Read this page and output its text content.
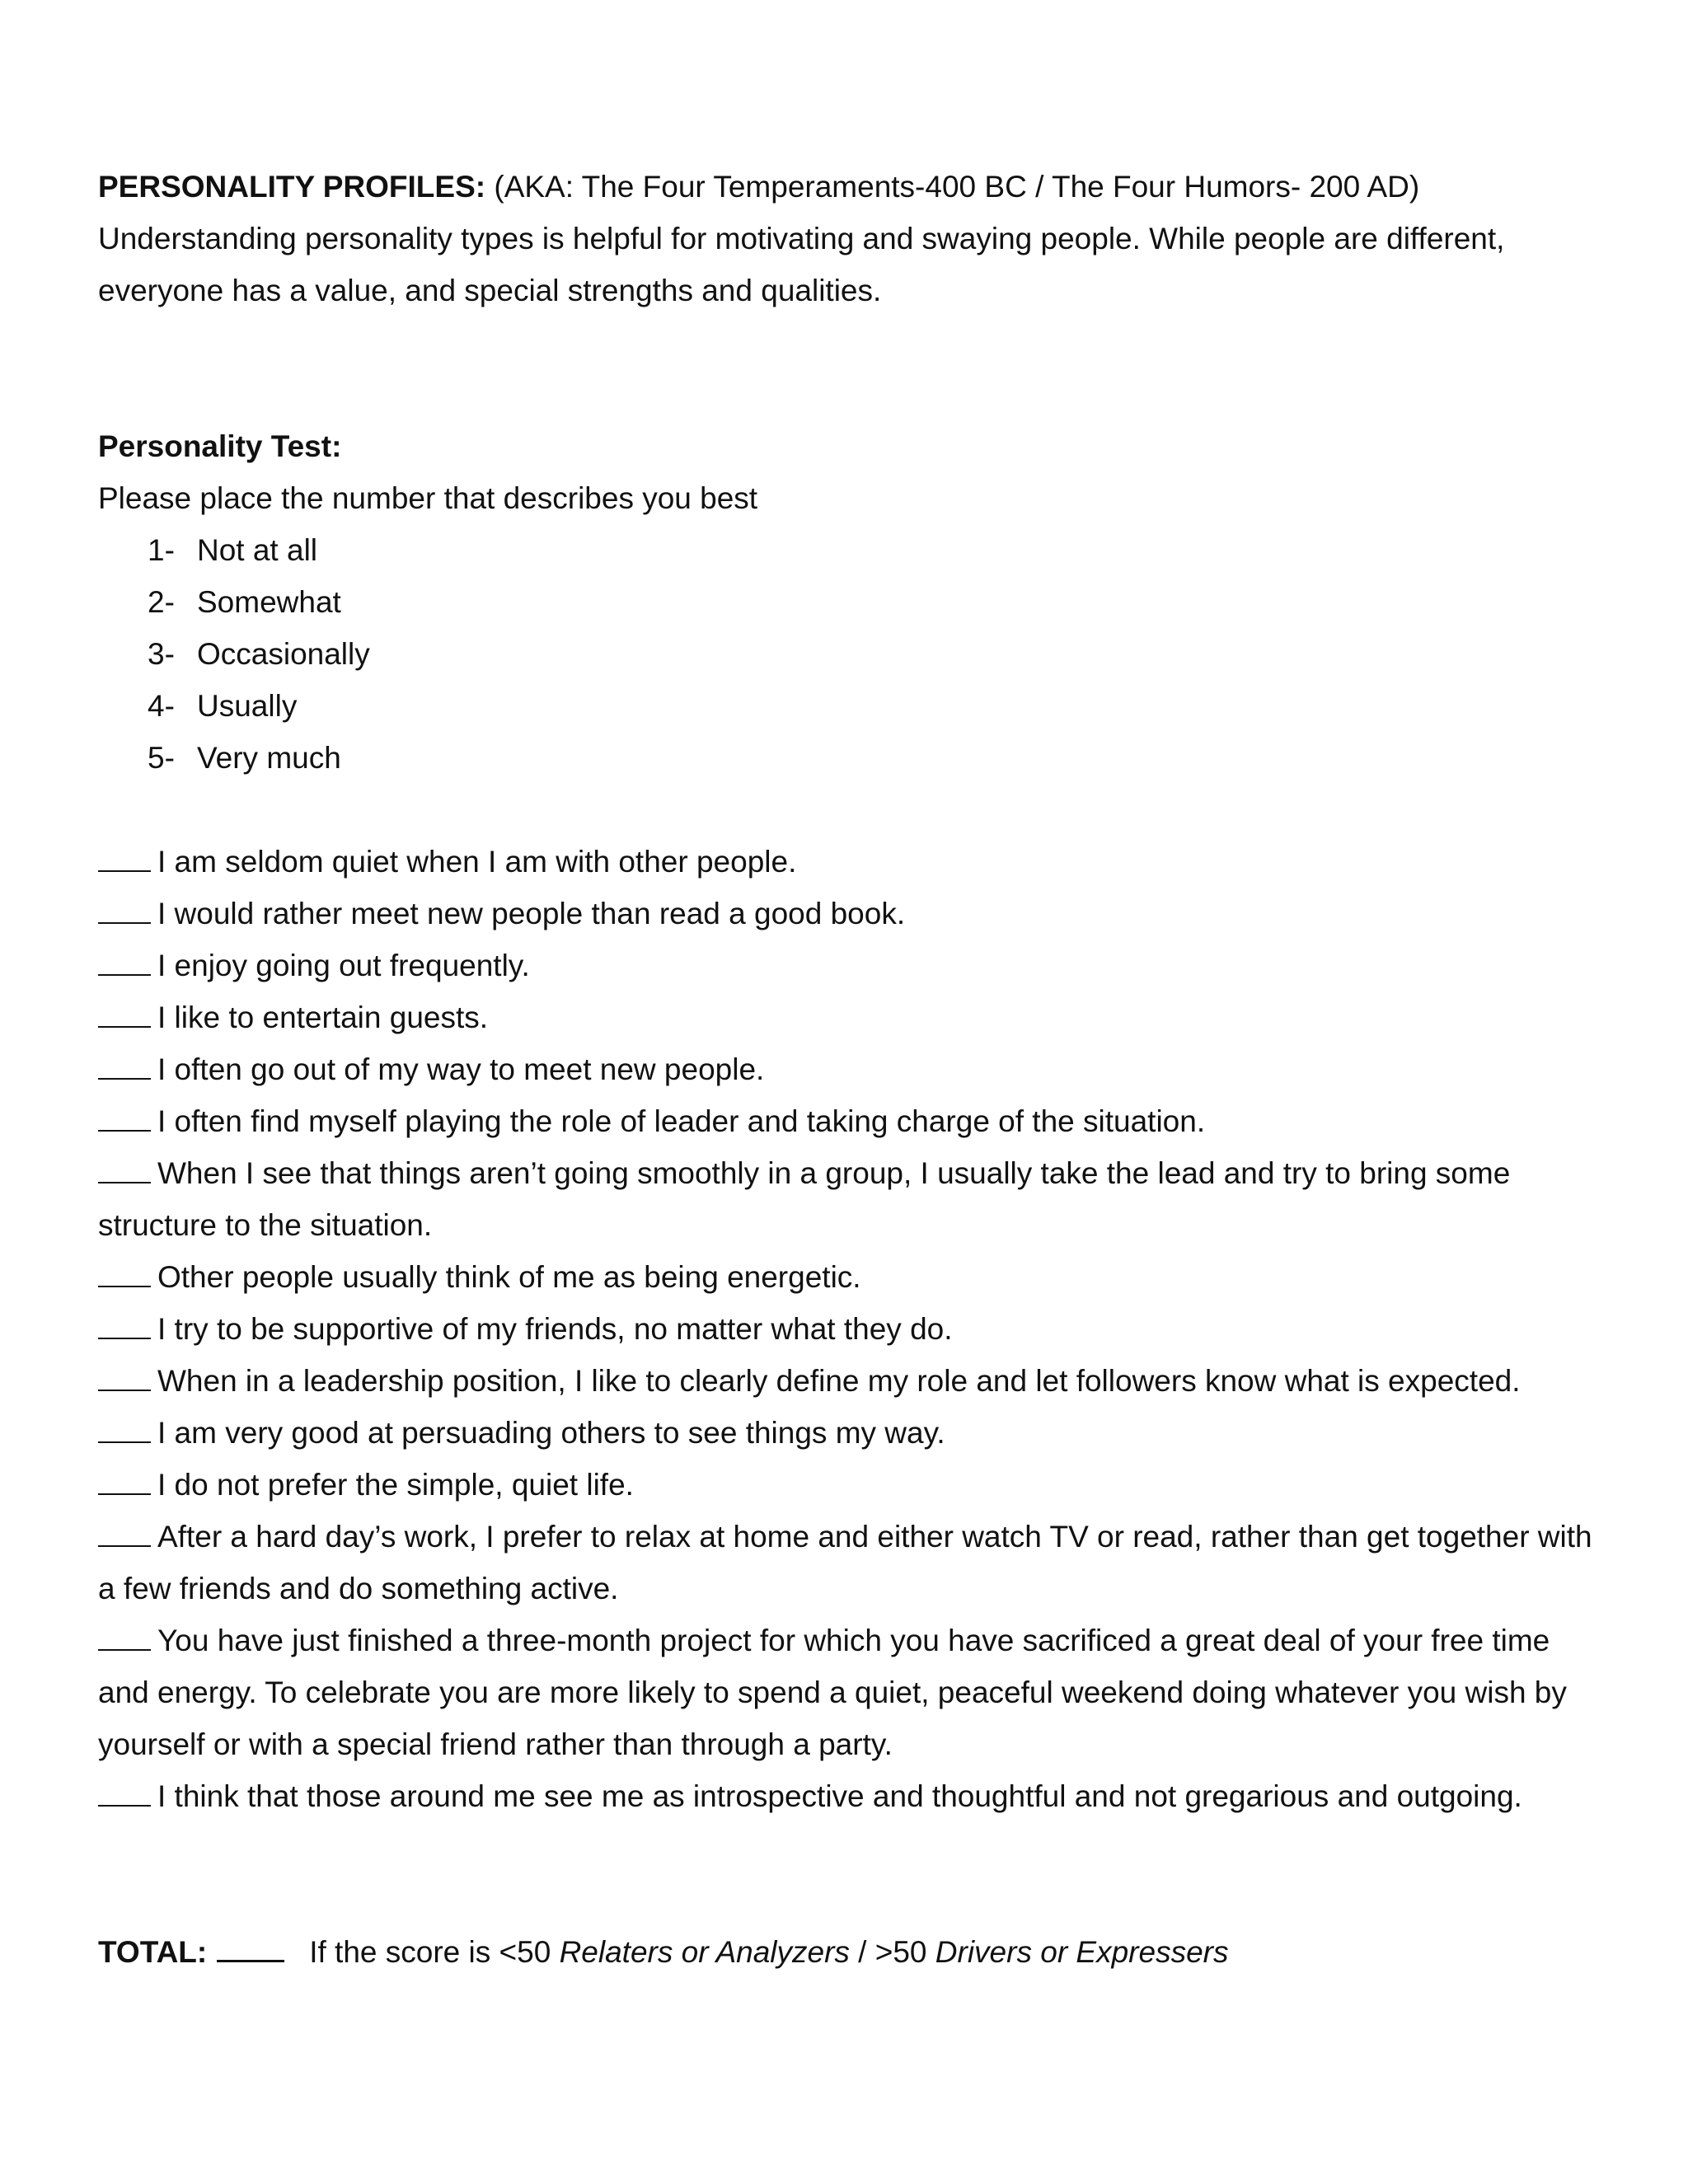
PERSONALITY PROFILES: (AKA: The Four Temperaments-400 BC / The Four Humors- 200 AD)

Understanding personality types is helpful for motivating and swaying people. While people are different, everyone has a value, and special strengths and qualities.

Personality Test:

Please place the number that describes you best

1- Not at all
2- Somewhat
3- Occasionally
4- Usually
5- Very much

I am seldom quiet when I am with other people.

I would rather meet new people than read a good book.

I enjoy going out frequently.

I like to entertain guests.

I often go out of my way to meet new people.

I often find myself playing the role of leader and taking charge of the situation.

When I see that things aren’t going smoothly in a group, I usually take the lead and try to bring some structure to the situation.

Other people usually think of me as being energetic.

I try to be supportive of my friends, no matter what they do.

When in a leadership position, I like to clearly define my role and let followers know what is expected.

I am very good at persuading others to see things my way.

I do not prefer the simple, quiet life.

After a hard day’s work, I prefer to relax at home and either watch TV or read, rather than get together with a few friends and do something active.

You have just finished a three-month project for which you have sacrificed a great deal of your free time and energy. To celebrate you are more likely to spend a quiet, peaceful weekend doing whatever you wish by yourself or with a special friend rather than through a party.

I think that those around me see me as introspective and thoughtful and not gregarious and outgoing.

TOTAL:	If the score is <50 Relaters or Analyzers / >50 Drivers or Expressers
